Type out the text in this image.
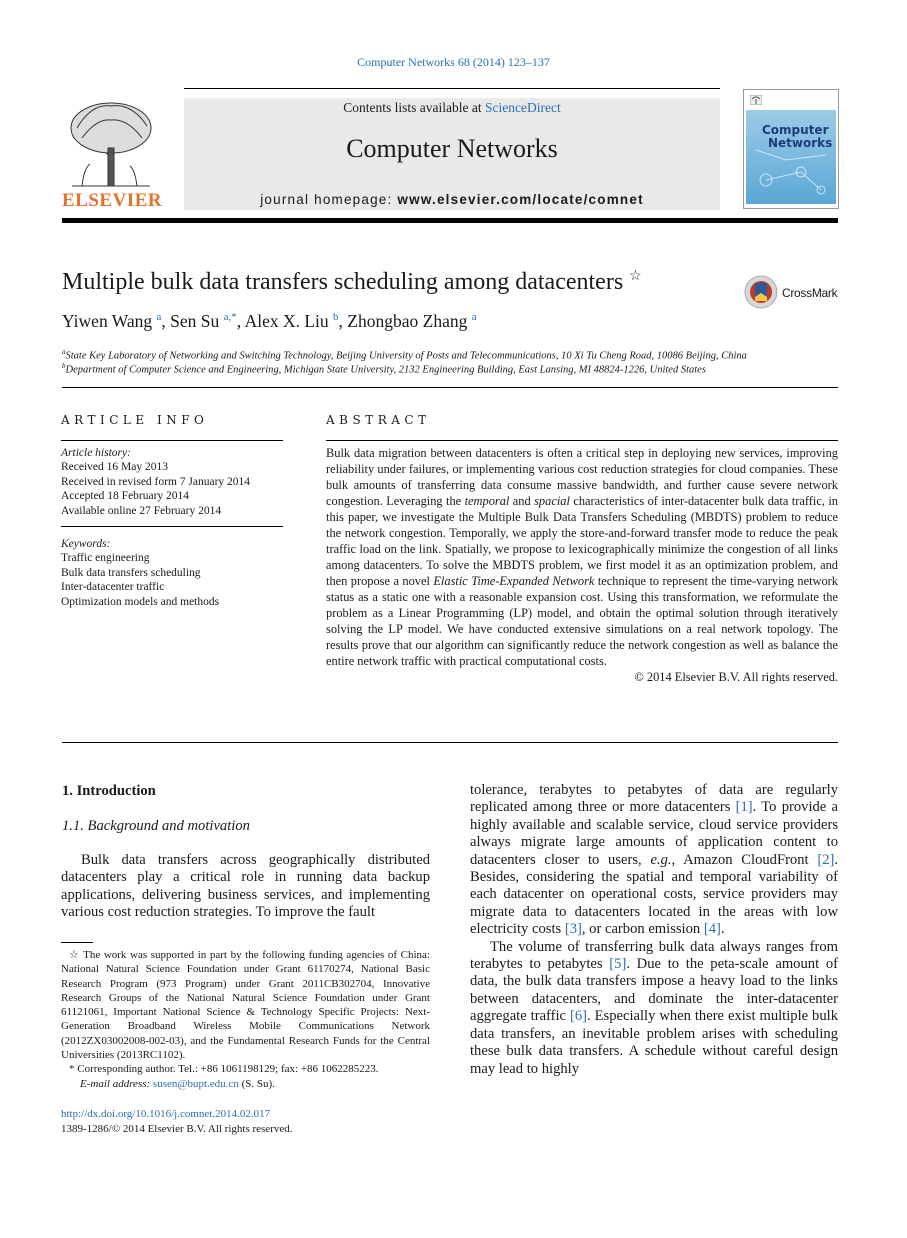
Computer Networks 68 (2014) 123–137
ELSEVIER
Contents lists available at ScienceDirect
Computer Networks
journal homepage: www.elsevier.com/locate/comnet
Computer
Networks
Multiple bulk data transfers scheduling among datacenters ☆
CrossMark
Yiwen Wang $^a$, Sen Su $^{a,*}$, Alex X. Liu $^b$, Zhongbao Zhang $^a$
$^a$State Key Laboratory of Networking and Switching Technology, Beijing University of Posts and Telecommunications, 10 Xi Tu Cheng Road, 10086 Beijing, China
$^b$Department of Computer Science and Engineering, Michigan State University, 2132 Engineering Building, East Lansing, MI 48824-1226, United States
ARTICLE INFO
Article history:
Received 16 May 2013
Received in revised form 7 January 2014
Accepted 18 February 2014
Available online 27 February 2014
Keywords:
Traffic engineering
Bulk data transfers scheduling
Inter-datacenter traffic
Optimization models and methods
ABSTRACT
Bulk data migration between datacenters is often a critical step in deploying new services, improving reliability under failures, or implementing various cost reduction strategies for cloud companies. These bulk amounts of transferring data consume massive bandwidth, and further cause severe network congestion. Leveraging the temporal and spacial characteristics of inter-datacenter bulk data traffic, in this paper, we investigate the Multiple Bulk Data Transfers Scheduling (MBDTS) problem to reduce the network congestion. Temporally, we apply the store-and-forward transfer mode to reduce the peak traffic load on the link. Spatially, we propose to lexicographically minimize the congestion of all links among datacenters. To solve the MBDTS problem, we first model it as an optimization problem, and then propose a novel Elastic Time-Expanded Network technique to represent the time-varying network status as a static one with a reasonable expansion cost. Using this transformation, we reformulate the problem as a Linear Programming (LP) model, and obtain the optimal solution through iteratively solving the LP model. We have conducted extensive simulations on a real network topology. The results prove that our algorithm can significantly reduce the network congestion as well as balance the entire network traffic with practical computational costs.
© 2014 Elsevier B.V. All rights reserved.
1. Introduction
1.1. Background and motivation
Bulk data transfers across geographically distributed datacenters play a critical role in running data backup applications, delivering business services, and implementing various cost reduction strategies. To improve the fault
tolerance, terabytes to petabytes of data are regularly replicated among three or more datacenters [1]. To provide a highly available and scalable service, cloud service providers always migrate large amounts of application content to datacenters closer to users, e.g., Amazon CloudFront [2]. Besides, considering the spatial and temporal variability of each datacenter on operational costs, service providers may migrate data to datacenters located in the areas with low electricity costs [3], or carbon emission [4].
The volume of transferring bulk data always ranges from terabytes to petabytes [5]. Due to the peta-scale amount of data, the bulk data transfers impose a heavy load to the links between datacenters, and dominate the inter-datacenter aggregate traffic [6]. Especially when there exist multiple bulk data transfers, an inevitable problem arises with scheduling these bulk data transfers. A schedule without careful design may lead to highly
☆ The work was supported in part by the following funding agencies of China: National Natural Science Foundation under Grant 61170274, National Basic Research Program (973 Program) under Grant 2011CB302704, Innovative Research Groups of the National Natural Science Foundation under Grant 61121061, Important National Science & Technology Specific Projects: Next-Generation Broadband Wireless Mobile Communications Network (2012ZX03002008-002-03), and the Fundamental Research Funds for the Central Universities (2013RC1102).
* Corresponding author. Tel.: +86 1061198129; fax: +86 1062285223.
E-mail address: susen@bupt.edu.cn (S. Su).
http://dx.doi.org/10.1016/j.comnet.2014.02.017
1389-1286/© 2014 Elsevier B.V. All rights reserved.
